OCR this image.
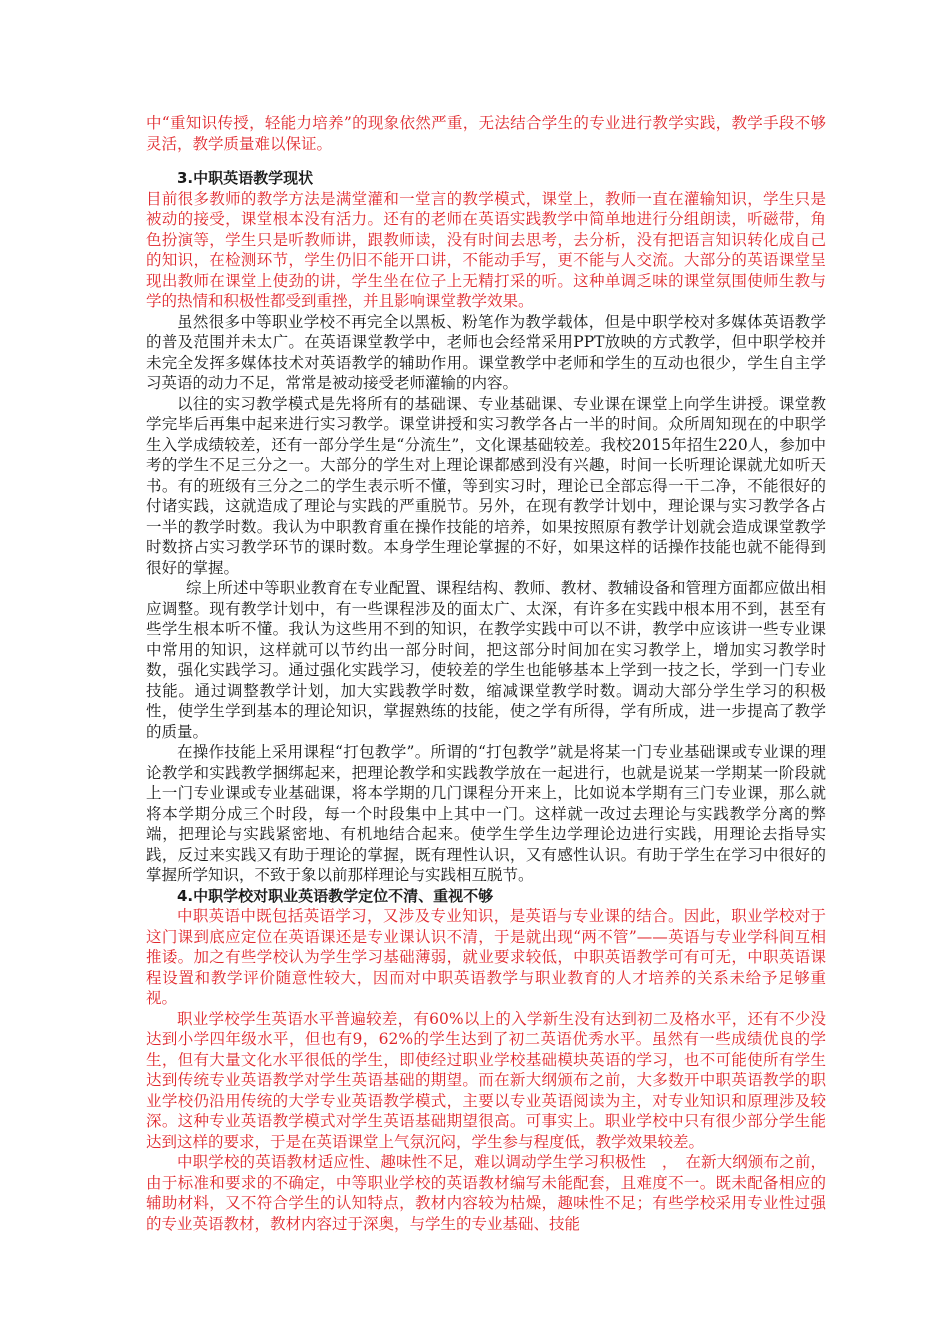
中“重知识传授，轻能力培养”的现象依然严重，无法结合学生的专业进行教学实践，教学手段不够灵活，教学质量难以保证。

3.中职英语教学现状

目前很多教师的教学方法是满堂灌和一堂言的教学模式，课堂上，教师一直在灌输知识，学生只是被动的接受，课堂根本没有活力。还有的老师在英语实践教学中简单地进行分组朗读，听磁带，角色扮演等，学生只是听教师讲，跟教师读，没有时间去思考，去分析，没有把语言知识转化成自己的知识，在检测环节，学生仍旧不能开口讲，不能动手写，更不能与人交流。大部分的英语课堂呈现出教师在课堂上使劲的讲，学生坐在位子上无精打采的听。这种单调乏味的课堂氛围使师生教与学的热情和积极性都受到重挫，并且影响课堂教学效果。

虽然很多中等职业学校不再完全以黑板、粉笔作为教学载体，但是中职学校对多媒体英语教学的普及范围并未太广。在英语课堂教学中，老师也会经常采用PPT放映的方式教学，但中职学校并未完全发挥多媒体技术对英语教学的辅助作用。课堂教学中老师和学生的互动也很少，学生自主学习英语的动力不足，常常是被动接受老师灌输的内容。

以往的实习教学模式是先将所有的基础课、专业基础课、专业课在课堂上向学生讲授。课堂教学完毕后再集中起来进行实习教学。课堂讲授和实习教学各占一半的时间。众所周知现在的中职学生入学成绩较差，还有一部分学生是“分流生”，文化课基础较差。我校2015年招生220人，参加中考的学生不足三分之一。大部分的学生对上理论课都感到没有兴趣，时间一长听理论课就尤如听天书。有的班级有三分之二的学生表示听不懂，等到实习时，理论已全部忘得一干二净，不能很好的付诸实践，这就造成了理论与实践的严重脱节。另外，在现有教学计划中，理论课与实习教学各占一半的教学时数。我认为中职教育重在操作技能的培养，如果按照原有教学计划就会造成课堂教学时数挤占实习教学环节的课时数。本身学生理论掌握的不好，如果这样的话操作技能也就不能得到很好的掌握。

综上所述中等职业教育在专业配置、课程结构、教师、教材、教辅设备和管理方面都应做出相应调整。现有教学计划中，有一些课程涉及的面太广、太深，有许多在实践中根本用不到，甚至有些学生根本听不懂。我认为这些用不到的知识，在教学实践中可以不讲，教学中应该讲一些专业课中常用的知识，这样就可以节约出一部分时间，把这部分时间加在实习教学上，增加实习教学时数，强化实践学习。通过强化实践学习，使较差的学生也能够基本上学到一技之长，学到一门专业技能。通过调整教学计划，加大实践教学时数，缩减课堂教学时数。调动大部分学生学习的积极性，使学生学到基本的理论知识，掌握熟练的技能，使之学有所得，学有所成，进一步提高了教学的质量。

在操作技能上采用课程“打包教学”。所谓的“打包教学”就是将某一门专业基础课或专业课的理论教学和实践教学捆绑起来，把理论教学和实践教学放在一起进行，也就是说某一学期某一阶段就上一门专业课或专业基础课，将本学期的几门课程分开来上，比如说本学期有三门专业课，那么就将本学期分成三个时段，每一个时段集中上其中一门。这样就一改过去理论与实践教学分离的弊端，把理论与实践紧密地、有机地结合起来。使学生学生边学理论边进行实践，用理论去指导实践，反过来实践又有助于理论的掌握，既有理性认识，又有感性认识。有助于学生在学习中很好的掌握所学知识，不致于象以前那样理论与实践相互脱节。

4.中职学校对职业英语教学定位不清、重视不够

中职英语中既包括英语学习，又涉及专业知识，是英语与专业课的结合。因此，职业学校对于这门课到底应定位在英语课还是专业课认识不清，于是就出现“两不管”——英语与专业学科间互相推诿。加之有些学校认为学生学习基础薄弱，就业要求较低，中职英语教学可有可无，中职英语课程设置和教学评价随意性较大，因而对中职英语教学与职业教育的人才培养的关系未给予足够重视。

职业学校学生英语水平普遍较差，有60%以上的入学新生没有达到初二及格水平，还有不少没达到小学四年级水平，但也有9，62%的学生达到了初二英语优秀水平。虽然有一些成绩优良的学生，但有大量文化水平很低的学生，即使经过职业学校基础模块英语的学习，也不可能使所有学生达到传统专业英语教学对学生英语基础的期望。而在新大纲颁布之前，大多数开中职英语教学的职业学校仍沿用传统的大学专业英语教学模式，主要以专业英语阅读为主，对专业知识和原理涉及较深。这种专业英语教学模式对学生英语基础期望很高。可事实上。职业学校中只有很少部分学生能达到这样的要求，于是在英语课堂上气氛沉闷，学生参与程度低，教学效果较差。

中职学校的英语教材适应性、趣味性不足，难以调动学生学习积极性　，　在新大纲颁布之前，由于标准和要求的不确定，中等职业学校的英语教材编写未能配套，且难度不一。既未配备相应的辅助材料，又不符合学生的认知特点，教材内容较为枯燥，趣味性不足；有些学校采用专业性过强的专业英语教材，教材内容过于深奥，与学生的专业基础、技能
